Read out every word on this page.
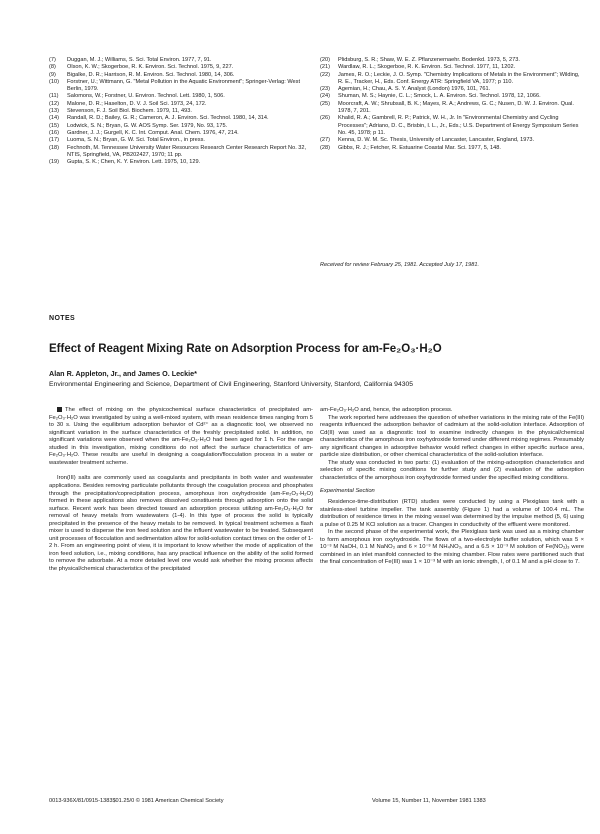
(7)	Duggan, M. J.; Williams, S. Sci. Total Environ. 1977, 7, 91.
(8)	Olson, K. W.; Skogerboe, R. K. Environ. Sci. Technol. 1975, 9, 227.
(9)	Bigalke, D. R.; Harrison, R. M. Environ. Sci. Technol. 1980, 14, 306.
(10)	Forstner, U.; Wittmann, G. "Metal Pollution in the Aquatic Environment"; Springer-Verlag: West Berlin, 1979.
(11)	Salomons, W.; Forstner, U. Environ. Technol. Lett. 1980, 1, 506.
(12)	Malone, D. R.; Haselton, D. V. J. Soil Sci. 1973, 24, 172.
(13)	Stevenson, F. J. Soil Biol. Biochem. 1979, 11, 493.
(14)	Randall, R. D.; Bailey, G. R.; Cameron, A. J. Environ. Sci. Technol. 1980, 14, 314.
(15)	Lodwick, S. N.; Bryan, G. W. AOS Symp. Ser. 1979, No. 93, 175.
(16)	Gardner, J. J.; Gurgell, K. C. Int. Comput. Anal. Chem. 1976, 47, 214.
(17)	Luoma, S. N.; Bryan, G. W. Sci. Total Environ., in press.
(18)	Fechnoth, M. Tennessee University Water Resources Research Center Research Report No. 32, NTIS, Springfield, VA, PB202427, 1970; 11 pp.
(19)	Gupta, S. K.; Chen, K. Y. Environ. Lett. 1975, 10, 129.
(20)	Plidsburg, S. R.; Shaw, W. E. Z. Pflanzenernaehr. Bodenkd. 1973, 5, 273.
(21)	Wardlaw, R. L.; Skogerboe, R. K. Environ. Sci. Technol. 1977, 11, 1202.
(22)	James, R. O.; Leckie, J. O. Symp. "Chemistry Implications of Metals in the Environment"; Wilding, R. E., Tracker, H., Eds. Conf. Energy ATR: Springfield VA, 1977; p 110.
(23)	Agemian, H.; Chau, A. S. Y. Analyst (London) 1976, 101, 761.
(24)	Shuman, M. S.; Haynie, C. L.; Smock, L. A. Environ. Sci. Technol. 1978, 12, 1066.
(25)	Moorcraft, A. W.; Shrubsall, B. K.; Mayes, R. A.; Andrews, G. C.; Nusen, D. W. J. Environ. Qual. 1978, 7, 201.
(26)	Khalid, R. A.; Gambrell, R. P.; Patrick, W. H., Jr. In "Environmental Chemistry and Cycling Processes"; Adriano, D. C., Brisbin, I. L., Jr., Eds.; U.S. Department of Energy Symposium Series No. 45, 1978; p 11.
(27)	Kenna, D. W. M. Sc. Thesis, University of Lancaster, Lancaster, England, 1973.
(28)	Gibbs, R. J.; Fetcher, R. Estuarine Coastal Mar. Sci. 1977, 5, 148.
Received for review February 25, 1981. Accepted July 17, 1981.
NOTES
Effect of Reagent Mixing Rate on Adsorption Process for am-Fe₂O₃·H₂O
Alan R. Appleton, Jr., and James O. Leckie*
Environmental Engineering and Science, Department of Civil Engineering, Stanford University, Stanford, California 94305

The effect of mixing on the physicochemical surface characteristics of precipitated am-Fe₂O₃·H₂O was investigated by using a well-mixed system, with mean residence times ranging from 5 to 30 s. Using the equilibrium adsorption behavior of Cd²⁺ as a diagnostic tool, we observed no significant variation in the surface characteristics of the freshly precipitated solid. In addition, no significant variations were observed when the am-Fe₂O₃·H₂O had been aged for 1 h. For the range studied in this investigation, mixing conditions do not affect the surface characteristics of am-Fe₂O₃·H₂O. These results are useful in designing a coagulation/flocculation process in a water or wastewater treatment scheme.

Iron(III) salts are commonly used as coagulants and precipitants in both water and wastewater applications. Besides removing particulate pollutants through the coagulation process and phosphates through the precipitation/coprecipitation process, amorphous iron oxyhydroxide (am-Fe₂O₃·H₂O) formed in these applications also removes dissolved constituents through adsorption onto the solid surface. Recent work has been directed toward an adsorption process utilizing am-Fe₂O₃·H₂O for removal of heavy metals from wastewaters (1-4). In this type of process the solid is typically precipitated in the presence of the heavy metals to be removed. In typical treatment schemes a flash mixer is used to disperse the iron feed solution and the influent wastewater to be treated. Subsequent unit processes of flocculation and sedimentation allow for solid-solution contact times on the order of 1-2 h. From an engineering point of view, it is important to know whether the mode of application of the iron feed solution, i.e., mixing conditions, has any practical influence on the ability of the solid formed to remove the adsorbate. At a more detailed level one would ask whether the mixing process affects the physical/chemical characteristics of the precipitated

am-Fe₂O₃·H₂O and, hence, the adsorption process.

The work reported here addresses the question of whether variations in the mixing rate of the Fe(III) reagents influenced the adsorption behavior of cadmium at the solid-solution interface. Adsorption of Cd(II) was used as a diagnostic tool to examine indirectly changes in the physical/chemical characteristics of the amorphous iron oxyhydroxide formed under different mixing regimes. Presumably any significant changes in adsorptive behavior would reflect changes in either specific surface area, particle size distribution, or other chemical characteristics of the solid-solution interface.

The study was conducted in two parts: (1) evaluation of the mixing-adsorption characteristics and selection of specific mixing conditions for further study and (2) evaluation of the adsorption characteristics of the amorphous iron oxyhydroxide formed under the specified mixing conditions.

Experimental Section

Residence-time-distribution (RTD) studies were conducted by using a Plexiglass tank with a stainless-steel turbine impeller. The tank assembly (Figure 1) had a volume of 100.4 mL. The distribution of residence times in the mixing vessel was determined by the impulse method (5, 6) using a pulse of 0.25 M KCl solution as a tracer. Changes in conductivity of the effluent were monitored.

In the second phase of the experimental work, the Plexiglass tank was used as a mixing chamber to form amorphous iron oxyhydroxide. The flows of a two-electrolyte buffer solution, which was 5 × 10⁻³ M NaOH, 0.1 M NaNO₃ and 6 × 10⁻³ M NH₄NO₃, and a 6.5 × 10⁻³ M solution of Fe(NO₃)₃ were combined in an inlet manifold connected to the mixing chamber. Flow rates were partitioned such that the final concentration of Fe(III) was 1 × 10⁻³ M with an ionic strength, I, of 0.1 M and a pH close to 7.

0013-936X/81/0915-1383$01.25/0 © 1981 American Chemical Society	Volume 15, Number 11, November 1981 1383
